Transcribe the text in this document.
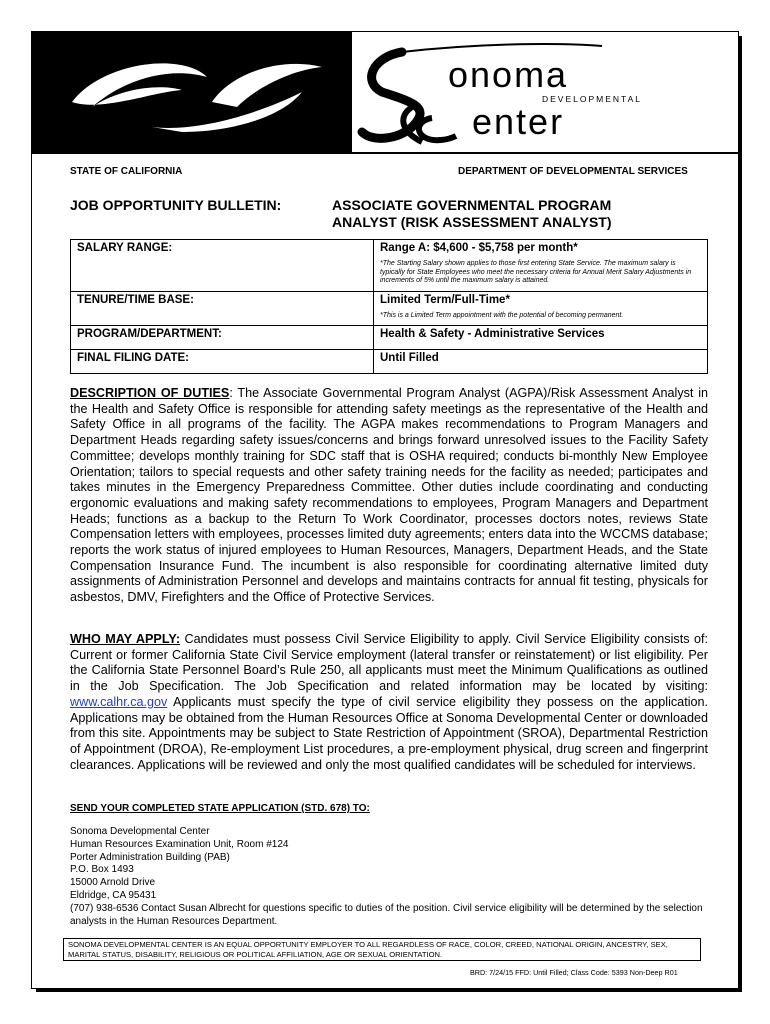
onoma
DEVELOPMENTAL
enter
STATE OF CALIFORNIA	DEPARTMENT OF DEVELOPMENTAL SERVICES
JOB OPPORTUNITY BULLETIN:	ASSOCIATE GOVERNMENTAL PROGRAM
ANALYST (RISK ASSESSMENT ANALYST)
SALARY RANGE:	Range A: $4,600 - $5,758 per month*
*The Starting Salary shown applies to those first entering State Service. The maximum salary is typically for State Employees who meet the necessary criteria for Annual Merit Salary Adjustments in increments of 5% until the maximum salary is attained.

TENURE/TIME BASE:	Limited Term/Full-Time*
*This is a Limited Term appointment with the potential of becoming permanent.

PROGRAM/DEPARTMENT:	Health & Safety - Administrative Services
FINAL FILING DATE:	Until Filled
DESCRIPTION OF DUTIES: The Associate Governmental Program Analyst (AGPA)/Risk Assessment Analyst in the Health and Safety Office is responsible for attending safety meetings as the representative of the Health and Safety Office in all programs of the facility. The AGPA makes recommendations to Program Managers and Department Heads regarding safety issues/concerns and brings forward unresolved issues to the Facility Safety Committee; develops monthly training for SDC staff that is OSHA required; conducts bi-monthly New Employee Orientation; tailors to special requests and other safety training needs for the facility as needed; participates and takes minutes in the Emergency Preparedness Committee. Other duties include coordinating and conducting ergonomic evaluations and making safety recommendations to employees, Program Managers and Department Heads; functions as a backup to the Return To Work Coordinator, processes doctors notes, reviews State Compensation letters with employees, processes limited duty agreements; enters data into the WCCMS database; reports the work status of injured employees to Human Resources, Managers, Department Heads, and the State Compensation Insurance Fund. The incumbent is also responsible for coordinating alternative limited duty assignments of Administration Personnel and develops and maintains contracts for annual fit testing, physicals for asbestos, DMV, Firefighters and the Office of Protective Services.
WHO MAY APPLY: Candidates must possess Civil Service Eligibility to apply. Civil Service Eligibility consists of: Current or former California State Civil Service employment (lateral transfer or reinstatement) or list eligibility. Per the California State Personnel Board’s Rule 250, all applicants must meet the Minimum Qualifications as outlined in the Job Specification. The Job Specification and related information may be located by visiting: www.calhr.ca.gov Applicants must specify the type of civil service eligibility they possess on the application. Applications may be obtained from the Human Resources Office at Sonoma Developmental Center or downloaded from this site. Appointments may be subject to State Restriction of Appointment (SROA), Departmental Restriction of Appointment (DROA), Re-employment List procedures, a pre-employment physical, drug screen and fingerprint clearances. Applications will be reviewed and only the most qualified candidates will be scheduled for interviews.
SEND YOUR COMPLETED STATE APPLICATION (STD. 678) TO:
Sonoma Developmental Center
Human Resources Examination Unit, Room #124
Porter Administration Building (PAB)
P.O. Box 1493
15000 Arnold Drive
Eldridge, CA 95431
(707) 938-6536 Contact Susan Albrecht for questions specific to duties of the position. Civil service eligibility will be determined by the selection analysts in the Human Resources Department.
SONOMA DEVELOPMENTAL CENTER IS AN EQUAL OPPORTUNITY EMPLOYER TO ALL REGARDLESS OF RACE, COLOR, CREED, NATIONAL ORIGIN, ANCESTRY, SEX, MARITAL STATUS, DISABILITY, RELIGIOUS OR POLITICAL AFFILIATION, AGE OR SEXUAL ORIENTATION.
BRD: 7/24/15 FFD: Until Filled; Class Code: 5393 Non-Deep R01
